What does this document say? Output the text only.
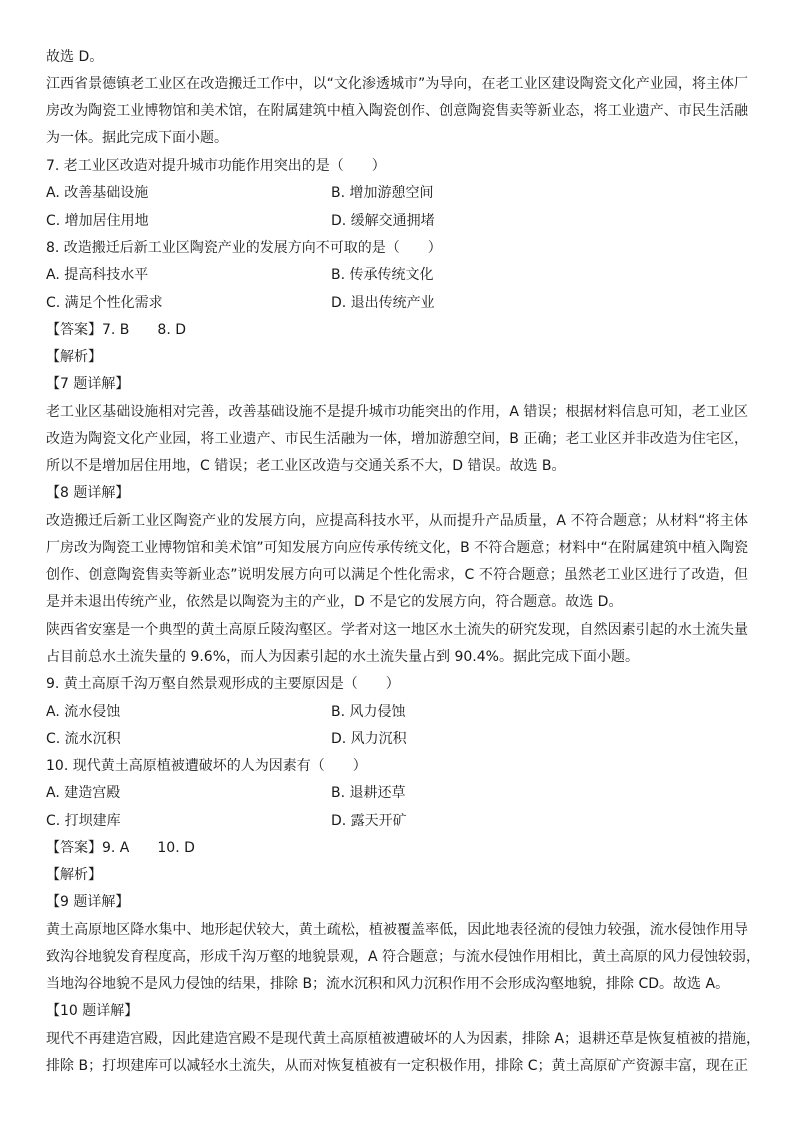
故选 D。
江西省景德镇老工业区在改造搬迁工作中，以“文化渗透城市”为导向，在老工业区建设陶瓷文化产业园，将主体厂
房改为陶瓷工业博物馆和美术馆，在附属建筑中植入陶瓷创作、创意陶瓷售卖等新业态，将工业遗产、市民生活融
为一体。据此完成下面小题。
7. 老工业区改造对提升城市功能作用突出的是（　　）
A. 改善基础设施	B. 增加游憩空间
C. 增加居住用地	D. 缓解交通拥堵
8. 改造搬迁后新工业区陶瓷产业的发展方向不可取的是（　　）
A. 提高科技水平	B. 传承传统文化
C. 满足个性化需求	D. 退出传统产业
【答案】7. B　　8. D
【解析】
【7 题详解】
老工业区基础设施相对完善，改善基础设施不是提升城市功能突出的作用，A 错误；根据材料信息可知，老工业区
改造为陶瓷文化产业园，将工业遗产、市民生活融为一体，增加游憩空间，B 正确；老工业区并非改造为住宅区，
所以不是增加居住用地，C 错误；老工业区改造与交通关系不大，D 错误。故选 B。
【8 题详解】
改造搬迁后新工业区陶瓷产业的发展方向，应提高科技水平，从而提升产品质量，A 不符合题意；从材料“将主体
厂房改为陶瓷工业博物馆和美术馆”可知发展方向应传承传统文化，B 不符合题意；材料中“在附属建筑中植入陶瓷
创作、创意陶瓷售卖等新业态”说明发展方向可以满足个性化需求，C 不符合题意；虽然老工业区进行了改造，但
是并未退出传统产业，依然是以陶瓷为主的产业，D 不是它的发展方向，符合题意。故选 D。
陕西省安塞是一个典型的黄土高原丘陵沟壑区。学者对这一地区水土流失的研究发现，自然因素引起的水土流失量
占目前总水土流失量的 9.6%，而人为因素引起的水土流失量占到 90.4%。据此完成下面小题。
9. 黄土高原千沟万壑自然景观形成的主要原因是（　　）
A. 流水侵蚀	B. 风力侵蚀
C. 流水沉积	D. 风力沉积
10. 现代黄土高原植被遭破坏的人为因素有（　　）
A. 建造宫殿	B. 退耕还草
C. 打坝建库	D. 露天开矿
【答案】9. A　　10. D
【解析】
【9 题详解】
黄土高原地区降水集中、地形起伏较大，黄土疏松，植被覆盖率低，因此地表径流的侵蚀力较强，流水侵蚀作用导
致沟谷地貌发育程度高，形成千沟万壑的地貌景观，A 符合题意；与流水侵蚀作用相比，黄土高原的风力侵蚀较弱，
当地沟谷地貌不是风力侵蚀的结果，排除 B；流水沉积和风力沉积作用不会形成沟壑地貌，排除 CD。故选 A。
【10 题详解】
现代不再建造宫殿，因此建造宫殿不是现代黄土高原植被遭破坏的人为因素，排除 A；退耕还草是恢复植被的措施，
排除 B；打坝建库可以减轻水土流失，从而对恢复植被有一定积极作用，排除 C；黄土高原矿产资源丰富，现在正
